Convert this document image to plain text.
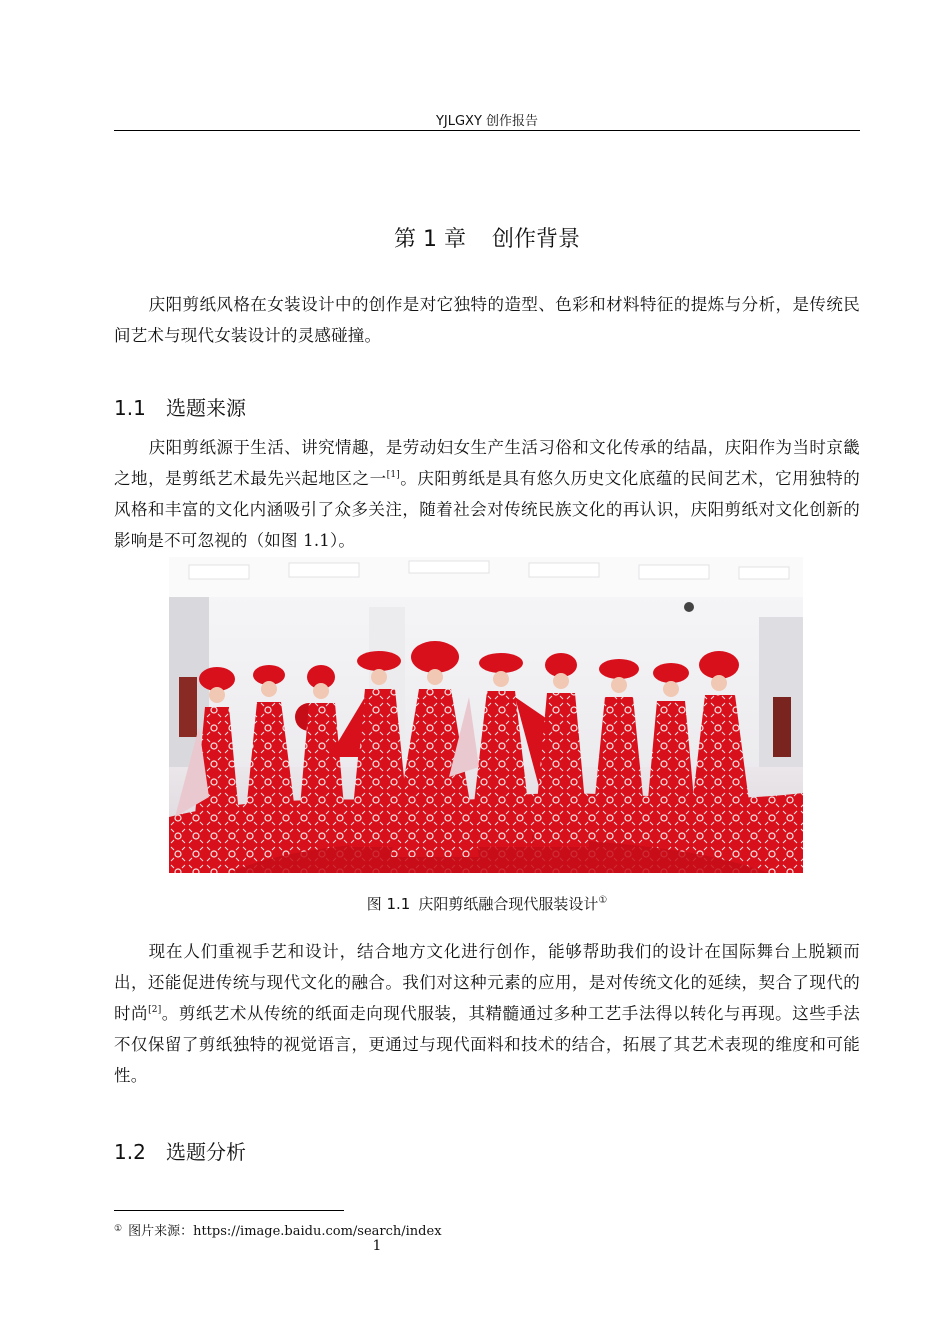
YJLGXY 创作报告
第 1 章 创作背景

庆阳剪纸风格在女装设计中的创作是对它独特的造型、色彩和材料特征的提炼与分析，是传统民间艺术与现代女装设计的灵感碰撞。

1.1 选题来源

庆阳剪纸源于生活、讲究情趣，是劳动妇女生产生活习俗和文化传承的结晶，庆阳作为当时京畿之地，是剪纸艺术最先兴起地区之一[1]。庆阳剪纸是具有悠久历史文化底蕴的民间艺术，它用独特的风格和丰富的文化内涵吸引了众多关注，随着社会对传统民族文化的再认识，庆阳剪纸对文化创新的影响是不可忽视的（如图 1.1）。

图 1.1 庆阳剪纸融合现代服装设计①

现在人们重视手艺和设计，结合地方文化进行创作，能够帮助我们的设计在国际舞台上脱颖而出，还能促进传统与现代文化的融合。我们对这种元素的应用，是对传统文化的延续，契合了现代的时尚[2]。剪纸艺术从传统的纸面走向现代服装，其精髓通过多种工艺手法得以转化与再现。这些手法不仅保留了剪纸独特的视觉语言，更通过与现代面料和技术的结合，拓展了其艺术表现的维度和可能性。

1.2 选题分析
① 图片来源：https://image.baidu.com/search/index
1
